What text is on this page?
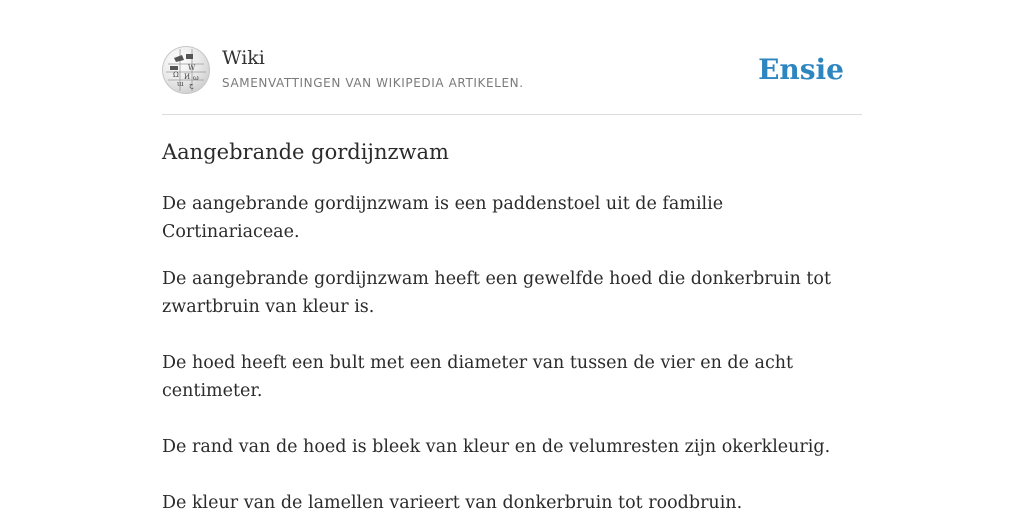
W
Ω И ω
ɯ ح
Wiki
SAMENVATTINGEN VAN WIKIPEDIA ARTIKELEN.	Ensie
Aangebrande gordijnzwam

De aangebrande gordijnzwam is een paddenstoel uit de familie Cortinariaceae.

De aangebrande gordijnzwam heeft een gewelfde hoed die donkerbruin tot zwartbruin van kleur is.

De hoed heeft een bult met een diameter van tussen de vier en de acht centimeter.

De rand van de hoed is bleek van kleur en de velumresten zijn okerkleurig.

De kleur van de lamellen varieert van donkerbruin tot roodbruin.
